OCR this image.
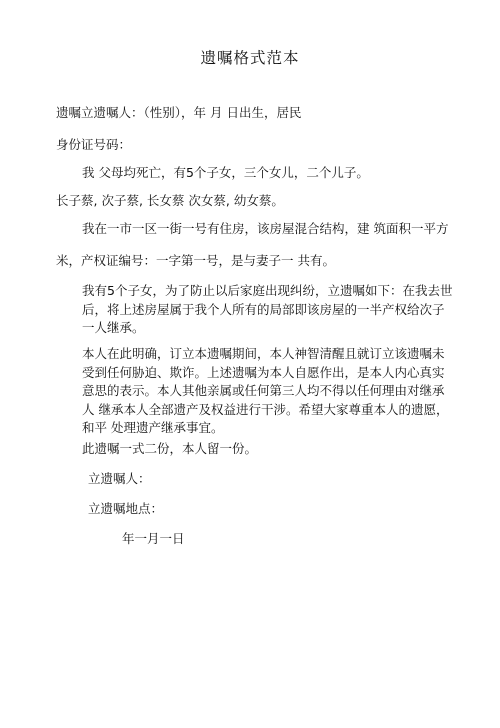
遗嘱格式范本
遗嘱立遗嘱人：（性别），年 月 日出生，居民
身份证号码：
我 父母均死亡，有5个子女，三个女儿，二个儿子。
长子蔡, 次子蔡, 长女蔡 次女蔡, 幼女蔡。
我在一市一区一街一号有住房，该房屋混合结构，建 筑面积一平方
米，产权证编号：一字第一号，是与妻子一 共有。
我有5个子女，为了防止以后家庭出现纠纷，立遗嘱如下：在我去世
后，将上述房屋属于我个人所有的局部即该房屋的一半产权给次子
一人继承。
本人在此明确，订立本遗嘱期间，本人神智清醒且就订立该遗嘱未
受到任何胁迫、欺诈。上述遗嘱为本人自愿作出，是本人内心真实
意思的表示。本人其他亲属或任何第三人均不得以任何理由对继承
人 继承本人全部遗产及权益进行干涉。希望大家尊重本人的遗愿，
和平 处理遗产继承事宜。
此遗嘱一式二份，本人留一份。
立遗嘱人：
立遗嘱地点：
年一月一日
